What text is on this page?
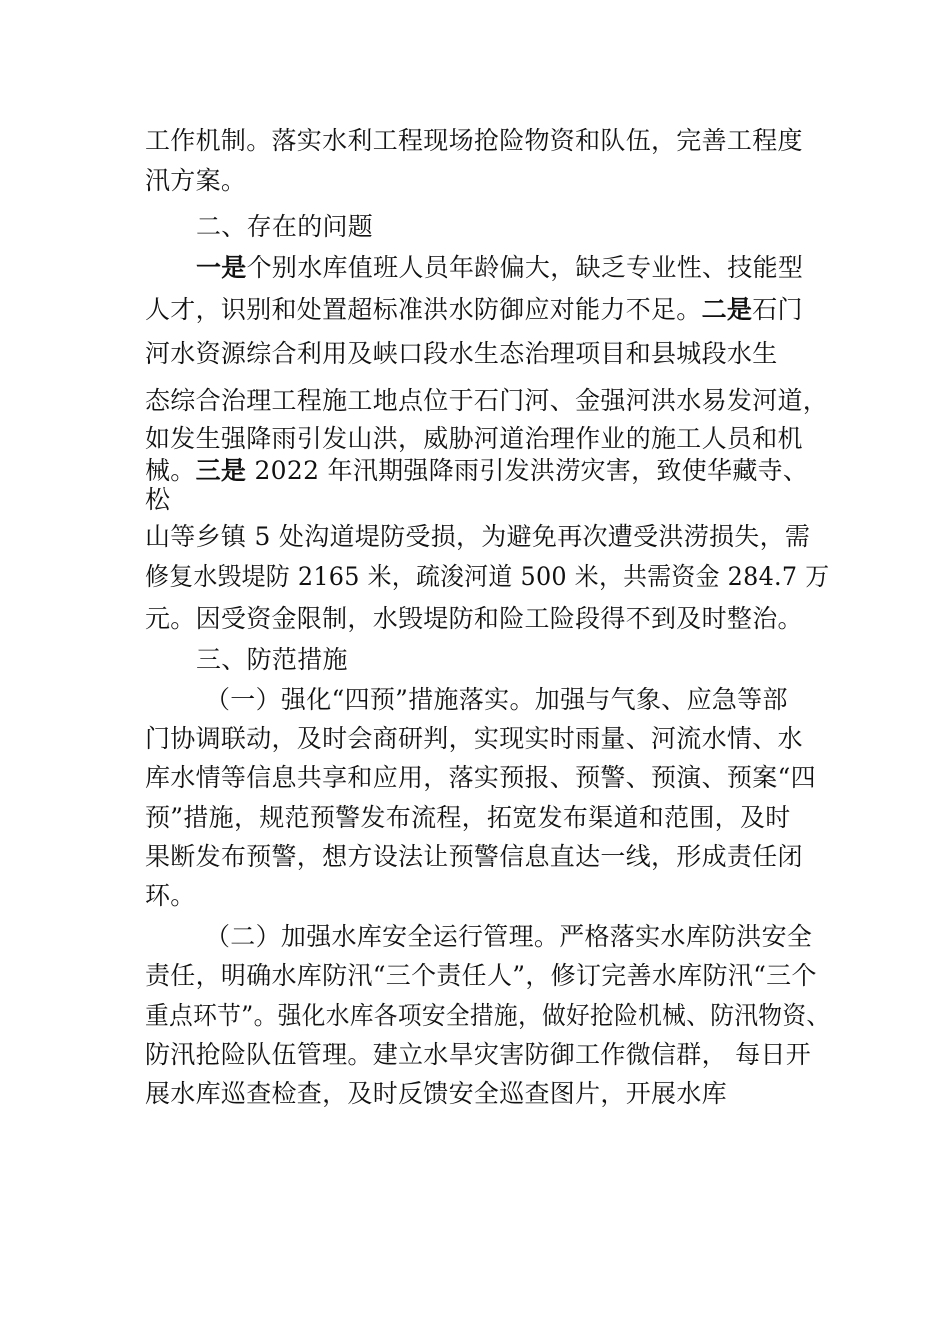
工作机制。落实水利工程现场抢险物资和队伍，完善工程度
汛方案。
二、存在的问题
一是个别水库值班人员年龄偏大，缺乏专业性、技能型
人才，识别和处置超标准洪水防御应对能力不足。二是石门
河水资源综合利用及峡口段水生态治理项目和县城段水生
态综合治理工程施工地点位于石门河、金强河洪水易发河道，
如发生强降雨引发山洪，威胁河道治理作业的施工人员和机
械。三是 2022 年汛期强降雨引发洪涝灾害，致使华藏寺、
松
山等乡镇 5 处沟道堤防受损，为避免再次遭受洪涝损失，需
修复水毁堤防 2165 米，疏浚河道 500 米，共需资金 284.7 万
元。因受资金限制，水毁堤防和险工险段得不到及时整治。
三、防范措施
（一）强化“四预”措施落实。加强与气象、应急等部
门协调联动，及时会商研判，实现实时雨量、河流水情、水
库水情等信息共享和应用，落实预报、预警、预演、预案“四
预”措施，规范预警发布流程，拓宽发布渠道和范围，及时
果断发布预警，想方设法让预警信息直达一线，形成责任闭
环。
（二）加强水库安全运行管理。严格落实水库防洪安全
责任，明确水库防汛“三个责任人”，修订完善水库防汛“三个
重点环节”。强化水库各项安全措施，做好抢险机械、防汛物资、
防汛抢险队伍管理。建立水旱灾害防御工作微信群， 每日开
展水库巡查检查，及时反馈安全巡查图片，开展水库
